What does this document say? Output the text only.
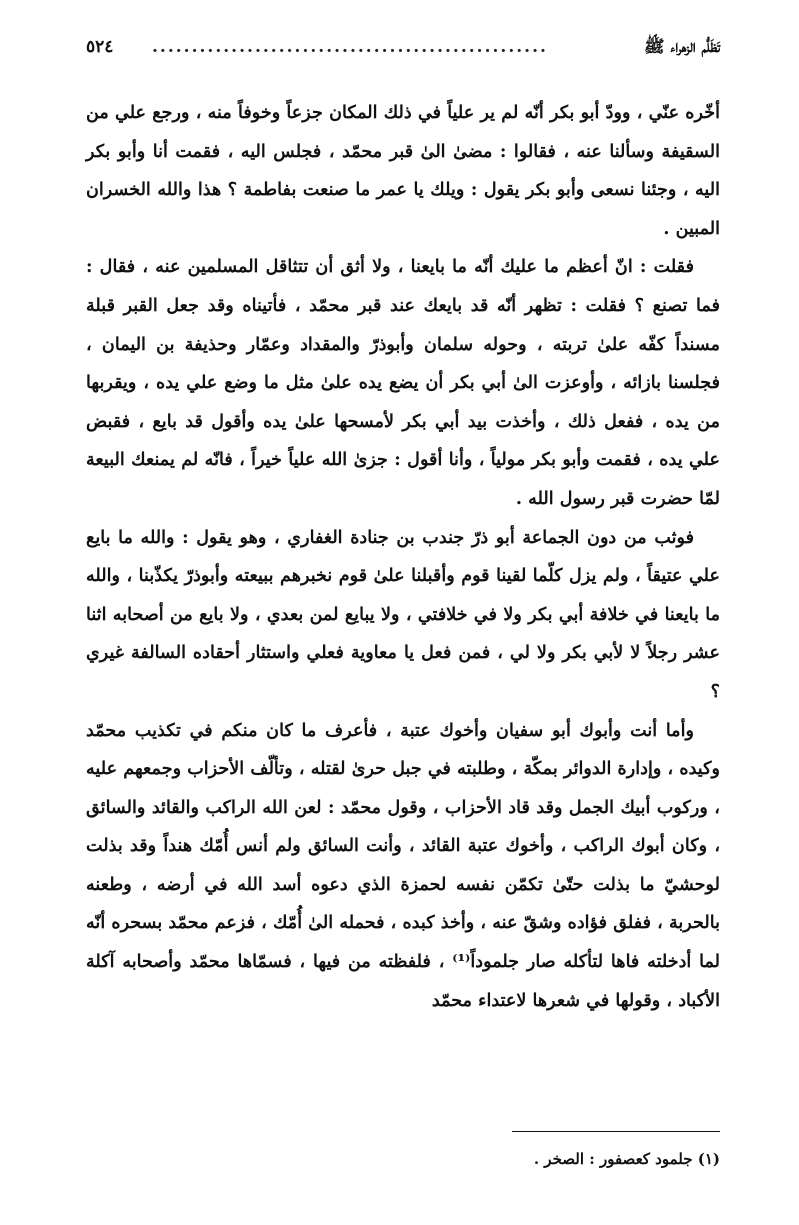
تَظَلُّم الزهراء ﷺ
..................................................
٥٢٤

أخّره عنّي ، وودّ أبو بكر أنّه لم ير علياً في ذلك المكان جزعاً وخوفاً منه ، ورجع علي من السقيفة وسألنا عنه ، فقالوا : مضىٰ الىٰ قبر محمّد ، فجلس اليه ، فقمت أنا وأبو بكر اليه ، وجئنا نسعى وأبو بكر يقول : ويلك يا عمر ما صنعت بفاطمة ؟ هذا والله الخسران المبين .

فقلت : انّ أعظم ما عليك أنّه ما بايعنا ، ولا أثق أن تتثاقل المسلمين عنه ، فقال : فما تصنع ؟ فقلت : تظهر أنّه قد بايعك عند قبر محمّد ، فأتيناه وقد جعل القبر قبلة مسنداً كفّه علىٰ تربته ، وحوله سلمان وأبوذرّ والمقداد وعمّار وحذيفة بن اليمان ، فجلسنا بازائه ، وأوعزت الىٰ أبي بكر أن يضع يده علىٰ مثل ما وضع علي يده ، ويقربها من يده ، ففعل ذلك ، وأخذت بيد أبي بكر لأمسحها علىٰ يده وأقول قد بايع ، فقبض علي يده ، فقمت وأبو بكر مولياً ، وأنا أقول : جزىٰ الله علياً خيراً ، فانّه لم يمنعك البيعة لمّا حضرت قبر رسول الله .

فوثب من دون الجماعة أبو ذرّ جندب بن جنادة الغفاري ، وهو يقول : والله ما بايع علي عتيقاً ، ولم يزل كلّما لقينا قوم وأقبلنا علىٰ قوم نخبرهم ببيعته وأبوذرّ يكذّبنا ، والله ما بايعنا في خلافة أبي بكر ولا في خلافتي ، ولا يبايع لمن بعدي ، ولا بايع من أصحابه اثنا عشر رجلاً لا لأبي بكر ولا لي ، فمن فعل يا معاوية فعلي واستثار أحقاده السالفة غيري ؟

وأما أنت وأبوك أبو سفيان وأخوك عتبة ، فأعرف ما كان منكم في تكذيب محمّد وكيده ، وإدارة الدوائر بمكّة ، وطلبته في جبل حرىٰ لقتله ، وتألّف الأحزاب وجمعهم عليه ، وركوب أبيك الجمل وقد قاد الأحزاب ، وقول محمّد : لعن الله الراكب والقائد والسائق ، وكان أبوك الراكب ، وأخوك عتبة القائد ، وأنت السائق ولم أنس أُمّك هنداً وقد بذلت لوحشيّ ما بذلت حتّىٰ تكمّن نفسه لحمزة الذي دعوه أسد الله في أرضه ، وطعنه بالحربة ، ففلق فؤاده وشقّ عنه ، وأخذ كبده ، فحمله الىٰ أُمّك ، فزعم محمّد بسحره أنّه لما أدخلته فاها لتأكله صار جلموداً⁽¹⁾ ، فلفظته من فيها ، فسمّاها محمّد وأصحابه آكلة الأكباد ، وقولها في شعرها لاعتداء محمّد

(١) جلمود كعصفور : الصخر .
